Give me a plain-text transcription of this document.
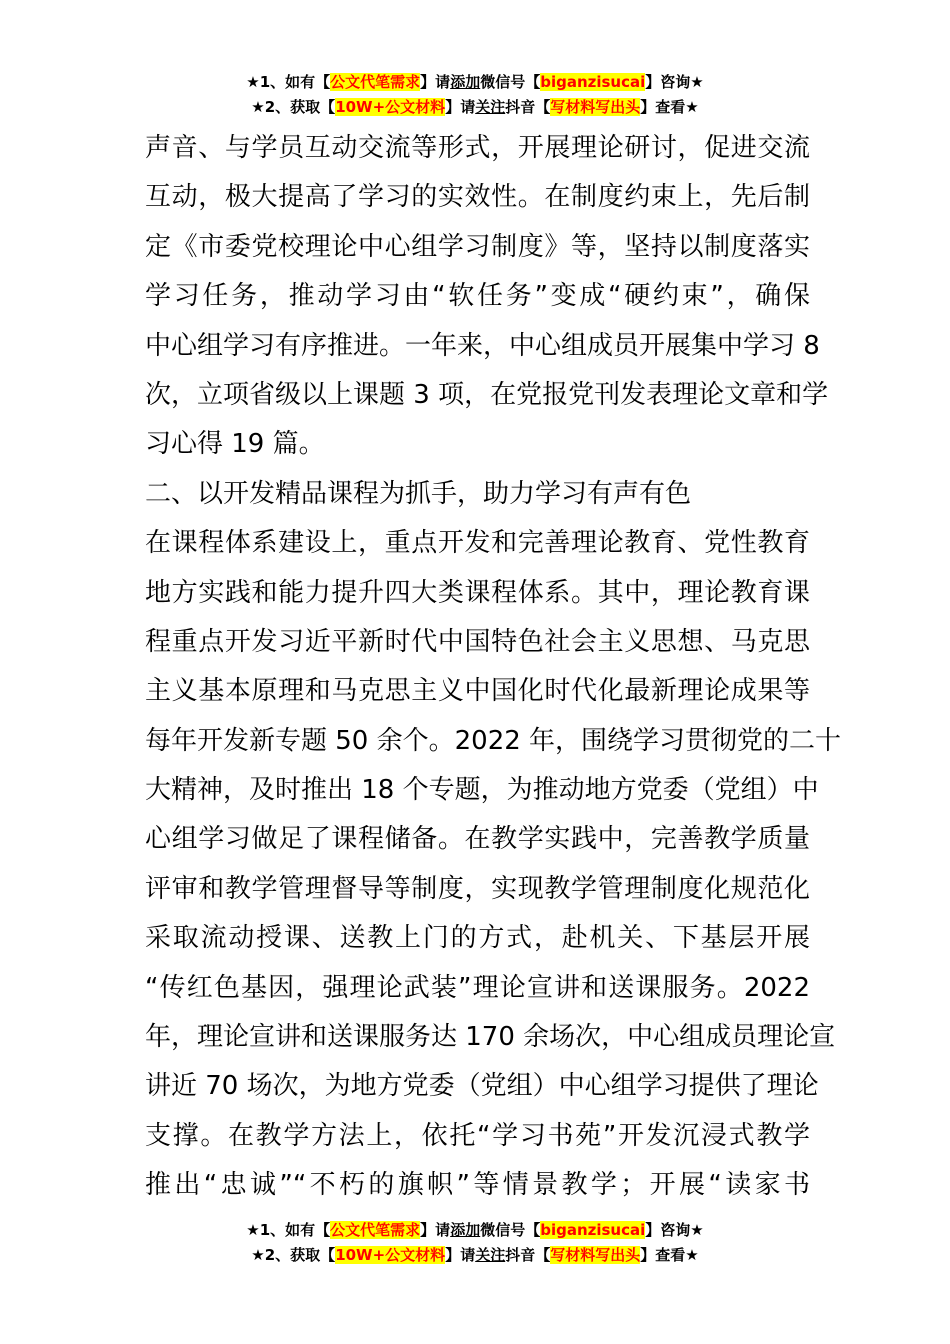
★1、如有【公文代笔需求】请添加微信号【biganzisucai】咨询★
★2、获取【10W+公文材料】请关注抖音【写材料写出头】查看★
声音、与学员互动交流等形式，开展理论研讨，促进交流
互动，极大提高了学习的实效性。在制度约束上，先后制
定《市委党校理论中心组学习制度》等，坚持以制度落实
学习任务，推动学习由“软任务”变成“硬约束”，确保
中心组学习有序推进。一年来，中心组成员开展集中学习 8
次，立项省级以上课题 3 项，在党报党刊发表理论文章和学
习心得 19 篇。
二、以开发精品课程为抓手，助力学习有声有色
在课程体系建设上，重点开发和完善理论教育、党性教育
地方实践和能力提升四大类课程体系。其中，理论教育课
程重点开发习近平新时代中国特色社会主义思想、马克思
主义基本原理和马克思主义中国化时代化最新理论成果等
每年开发新专题 50 余个。2022 年，围绕学习贯彻党的二十
大精神，及时推出 18 个专题，为推动地方党委（党组）中
心组学习做足了课程储备。在教学实践中，完善教学质量
评审和教学管理督导等制度，实现教学管理制度化规范化
采取流动授课、送教上门的方式，赴机关、下基层开展
“传红色基因，强理论武装”理论宣讲和送课服务。2022
年，理论宣讲和送课服务达 170 余场次，中心组成员理论宣
讲近 70 场次，为地方党委（党组）中心组学习提供了理论
支撑。在教学方法上，依托“学习书苑”开发沉浸式教学
推出“忠诚”“不朽的旗帜”等情景教学；开展“读家书
★1、如有【公文代笔需求】请添加微信号【biganzisucai】咨询★
★2、获取【10W+公文材料】请关注抖音【写材料写出头】查看★
